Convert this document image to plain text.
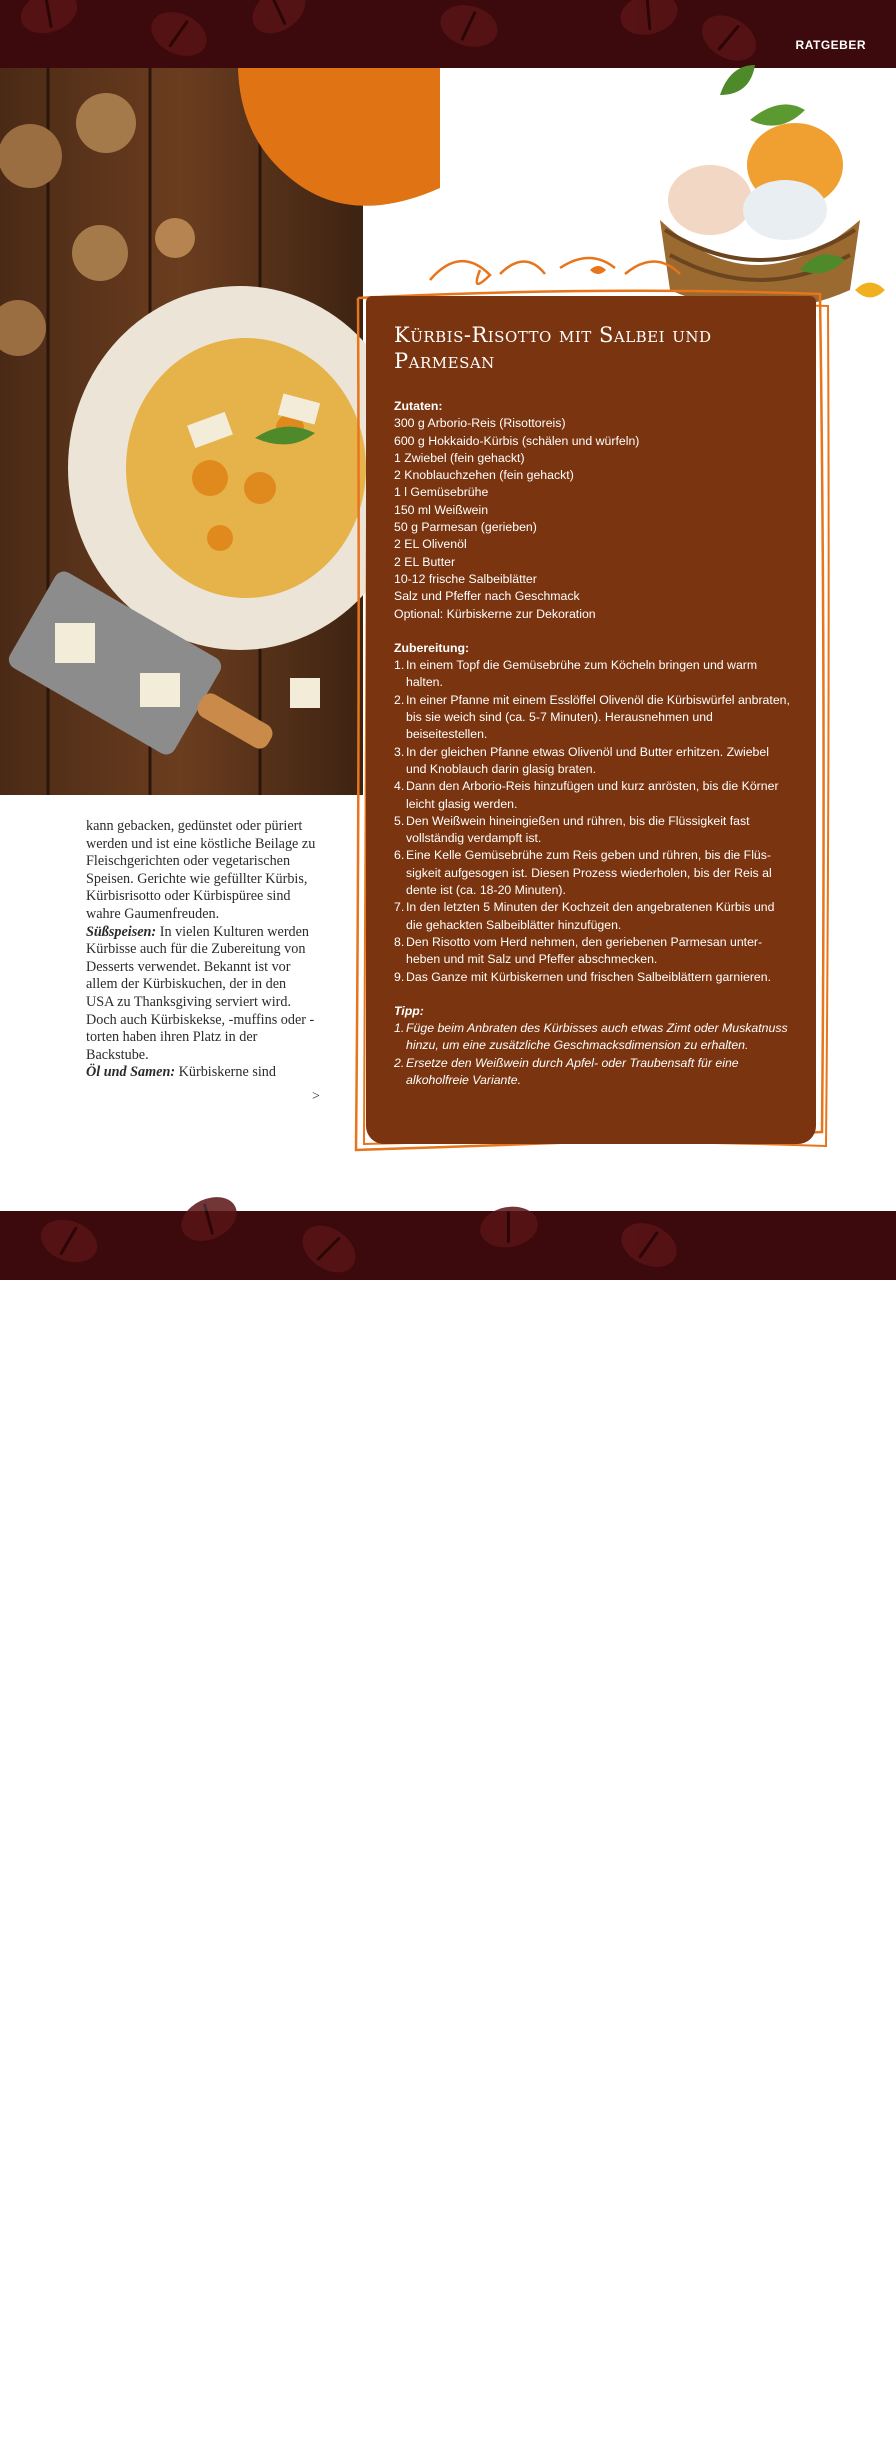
RATGEBER
Kürbis-Risotto mit Salbei und Parmesan
Zutaten:
300 g Arborio-Reis (Risottoreis)
600 g Hokkaido-Kürbis (schälen und würfeln)
1 Zwiebel (fein gehackt)
2 Knoblauchzehen (fein gehackt)
1 l Gemüsebrühe
150 ml Weißwein
50 g Parmesan (gerieben)
2 EL Olivenöl
2 EL Butter
10-12 frische Salbeiblätter
Salz und Pfeffer nach Geschmack
Optional: Kürbiskerne zur Dekoration
Zubereitung:
1. In einem Topf die Gemüsebrühe zum Köcheln bringen und warm halten.
2. In einer Pfanne mit einem Esslöffel Olivenöl die Kürbiswürfel anbraten, bis sie weich sind (ca. 5-7 Minuten). Herausnehmen und beiseitestellen.
3. In der gleichen Pfanne etwas Olivenöl und Butter erhitzen. Zwiebel und Knoblauch darin glasig braten.
4. Dann den Arborio-Reis hinzufügen und kurz anrösten, bis die Körner leicht glasig werden.
5. Den Weißwein hineingießen und rühren, bis die Flüssigkeit fast vollständig verdampft ist.
6. Eine Kelle Gemüsebrühe zum Reis geben und rühren, bis die Flüssigkeit aufgesogen ist. Diesen Prozess wiederholen, bis der Reis al dente ist (ca. 18-20 Minuten).
7. In den letzten 5 Minuten der Kochzeit den angebratenen Kürbis und die gehackten Salbeiblätter hinzufügen.
8. Den Risotto vom Herd nehmen, den geriebenen Parmesan unterheben und mit Salz und Pfeffer abschmecken.
9. Das Ganze mit Kürbiskernen und frischen Salbeiblättern garnieren.
Tipp:
1. Füge beim Anbraten des Kürbisses auch etwas Zimt oder Muskatnuss hinzu, um eine zusätzliche Geschmacksdimension zu erhalten.
2. Ersetze den Weißwein durch Apfel- oder Traubensaft für eine alkoholfreie Variante.

kann gebacken, gedünstet oder püriert werden und ist eine köstliche Beilage zu Fleischgerichten oder vegetarischen Speisen. Gerichte wie gefüllter Kürbis, Kürbisrisotto oder Kürbispüree sind wahre Gaumenfreuden.

Süßspeisen: In vielen Kulturen werden Kürbisse auch für die Zubereitung von Desserts verwendet. Bekannt ist vor allem der Kürbiskuchen, der in den USA zu Thanksgiving serviert wird. Doch auch Kürbiskekse, -muffins oder -torten haben ihren Platz in der Backstube.

Öl und Samen: Kürbiskerne sind

>
www.haus-garten-test.de 81
